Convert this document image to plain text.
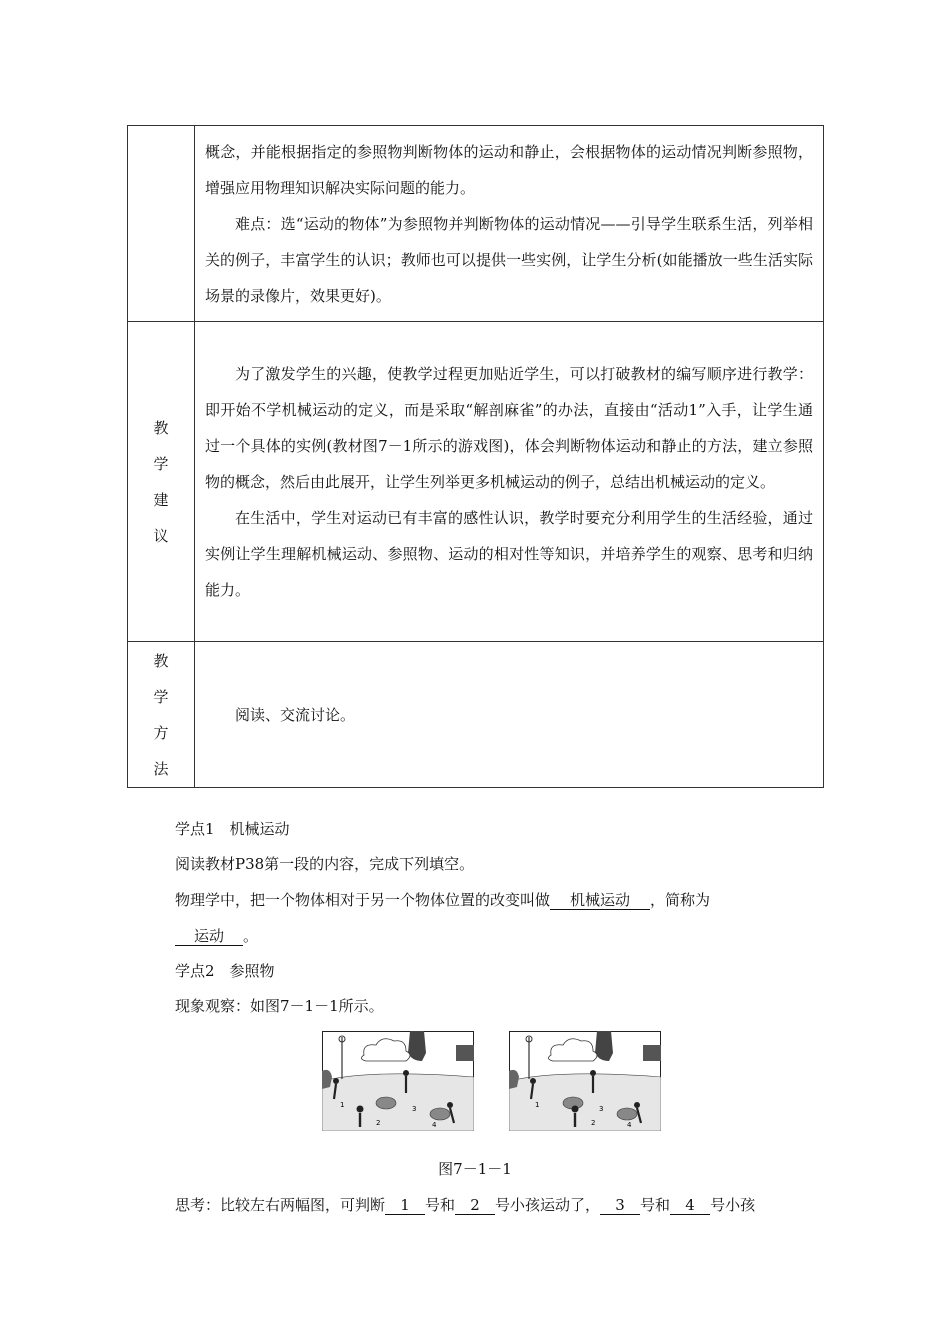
	概念，并能根据指定的参照物判断物体的运动和静止，会根据物体的运动情况判断参照物，增强应用物理知识解决实际问题的能力。

难点：选“运动的物体”为参照物并判断物体的运动情况——引导学生联系生活，列举相关的例子，丰富学生的认识；教师也可以提供一些实例，让学生分析(如能播放一些生活实际场景的录像片，效果更好)。

教学建议	为了激发学生的兴趣，使教学过程更加贴近学生，可以打破教材的编写顺序进行教学：即开始不学机械运动的定义，而是采取“解剖麻雀”的办法，直接由“活动1”入手，让学生通过一个具体的实例(教材图7－1所示的游戏图)，体会判断物体运动和静止的方法，建立参照物的概念，然后由此展开，让学生列举更多机械运动的例子，总结出机械运动的定义。

在生活中，学生对运动已有丰富的感性认识，教学时要充分利用学生的生活经验，通过实例让学生理解机械运动、参照物、运动的相对性等知识，并培养学生的观察、思考和归纳能力。

教学方法	阅读、交流讨论。

学点1　机械运动
阅读教材P38第一段的内容，完成下列填空。
物理学中，把一个物体相对于另一个物体位置的改变叫做 机械运动 ，简称为
运动 。
学点2　参照物
现象观察：如图7－1－1所示。
1
2
3
4
1
2
3
4
图7－1－1
思考：比较左右两幅图，可判断 1 号和 2 号小孩运动了， 3 号和 4 号小孩
